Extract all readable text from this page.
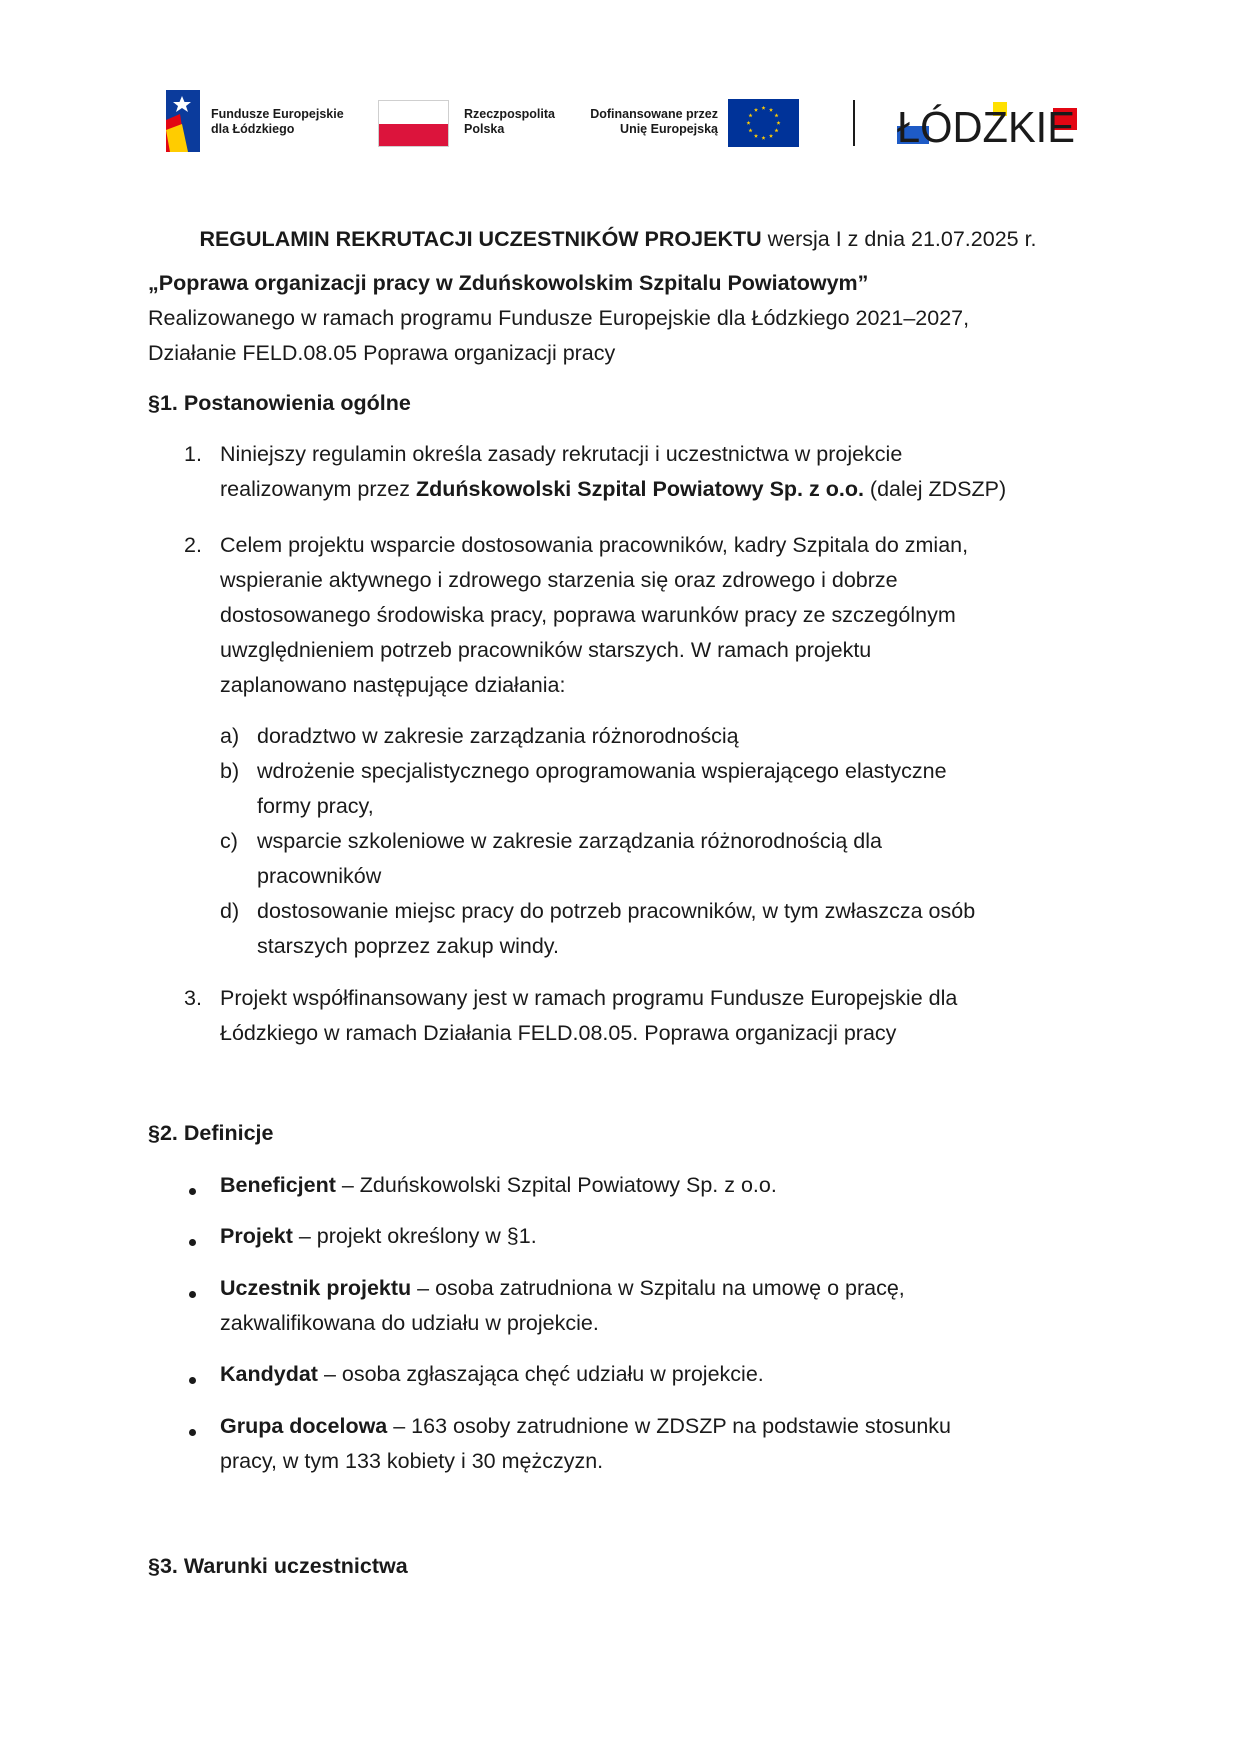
Fundusze Europejskie
dla Łódzkiego
Rzeczpospolita
Polska
Dofinansowane przez
Unię Europejską	ŁÓDZKIE
REGULAMIN REKRUTACJI UCZESTNIKÓW PROJEKTU wersja I z dnia 21.07.2025 r.
„Poprawa organizacji pracy w Zduńskowolskim Szpitalu Powiatowym”
Realizowanego w ramach programu Fundusze Europejskie dla Łódzkiego 2021–2027,
Działanie FELD.08.05 Poprawa organizacji pracy
§1. Postanowienia ogólne
1. Niniejszy regulamin określa zasady rekrutacji i uczestnictwa w projekcie
realizowanym przez Zduńskowolski Szpital Powiatowy Sp. z o.o. (dalej ZDSZP)
2. Celem projektu wsparcie dostosowania pracowników, kadry Szpitala do zmian,
wspieranie aktywnego i zdrowego starzenia się oraz zdrowego i dobrze
dostosowanego środowiska pracy, poprawa warunków pracy ze szczególnym
uwzględnieniem potrzeb pracowników starszych. W ramach projektu
zaplanowano następujące działania:
a) doradztwo w zakresie zarządzania różnorodnością
b) wdrożenie specjalistycznego oprogramowania wspierającego elastyczne
formy pracy,
c) wsparcie szkoleniowe w zakresie zarządzania różnorodnością dla
pracowników
d) dostosowanie miejsc pracy do potrzeb pracowników, w tym zwłaszcza osób
starszych poprzez zakup windy.
3. Projekt współfinansowany jest w ramach programu Fundusze Europejskie dla
Łódzkiego w ramach Działania FELD.08.05. Poprawa organizacji pracy
§2. Definicje
Beneficjent – Zduńskowolski Szpital Powiatowy Sp. z o.o.
Projekt – projekt określony w §1.
Uczestnik projektu – osoba zatrudniona w Szpitalu na umowę o pracę,
zakwalifikowana do udziału w projekcie.
Kandydat – osoba zgłaszająca chęć udziału w projekcie.
Grupa docelowa – 163 osoby zatrudnione w ZDSZP na podstawie stosunku
pracy, w tym 133 kobiety i 30 mężczyzn.
§3. Warunki uczestnictwa
